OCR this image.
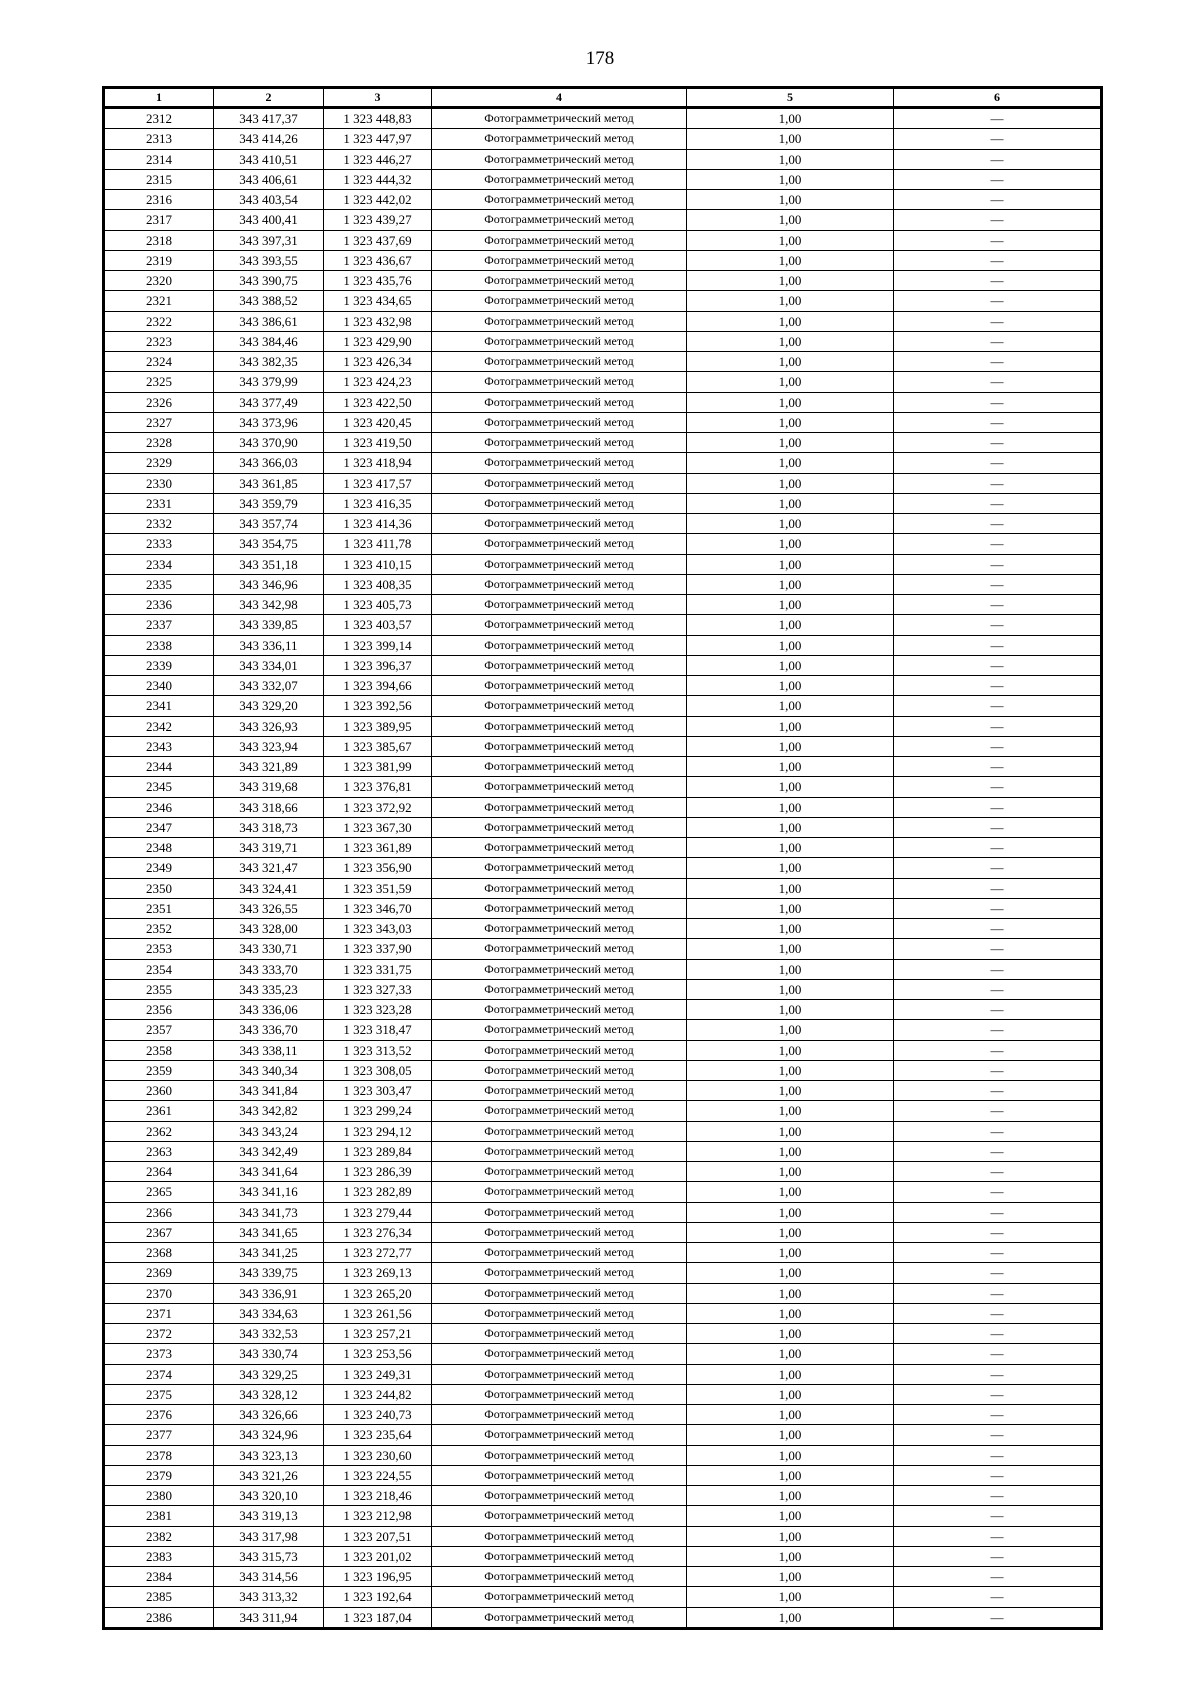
178
1	2	3	4	5	6
2312	343 417,37	1 323 448,83	Фотограмметрический метод	1,00	—
2313	343 414,26	1 323 447,97	Фотограмметрический метод	1,00	—
2314	343 410,51	1 323 446,27	Фотограмметрический метод	1,00	—
2315	343 406,61	1 323 444,32	Фотограмметрический метод	1,00	—
2316	343 403,54	1 323 442,02	Фотограмметрический метод	1,00	—
2317	343 400,41	1 323 439,27	Фотограмметрический метод	1,00	—
2318	343 397,31	1 323 437,69	Фотограмметрический метод	1,00	—
2319	343 393,55	1 323 436,67	Фотограмметрический метод	1,00	—
2320	343 390,75	1 323 435,76	Фотограмметрический метод	1,00	—
2321	343 388,52	1 323 434,65	Фотограмметрический метод	1,00	—
2322	343 386,61	1 323 432,98	Фотограмметрический метод	1,00	—
2323	343 384,46	1 323 429,90	Фотограмметрический метод	1,00	—
2324	343 382,35	1 323 426,34	Фотограмметрический метод	1,00	—
2325	343 379,99	1 323 424,23	Фотограмметрический метод	1,00	—
2326	343 377,49	1 323 422,50	Фотограмметрический метод	1,00	—
2327	343 373,96	1 323 420,45	Фотограмметрический метод	1,00	—
2328	343 370,90	1 323 419,50	Фотограмметрический метод	1,00	—
2329	343 366,03	1 323 418,94	Фотограмметрический метод	1,00	—
2330	343 361,85	1 323 417,57	Фотограмметрический метод	1,00	—
2331	343 359,79	1 323 416,35	Фотограмметрический метод	1,00	—
2332	343 357,74	1 323 414,36	Фотограмметрический метод	1,00	—
2333	343 354,75	1 323 411,78	Фотограмметрический метод	1,00	—
2334	343 351,18	1 323 410,15	Фотограмметрический метод	1,00	—
2335	343 346,96	1 323 408,35	Фотограмметрический метод	1,00	—
2336	343 342,98	1 323 405,73	Фотограмметрический метод	1,00	—
2337	343 339,85	1 323 403,57	Фотограмметрический метод	1,00	—
2338	343 336,11	1 323 399,14	Фотограмметрический метод	1,00	—
2339	343 334,01	1 323 396,37	Фотограмметрический метод	1,00	—
2340	343 332,07	1 323 394,66	Фотограмметрический метод	1,00	—
2341	343 329,20	1 323 392,56	Фотограмметрический метод	1,00	—
2342	343 326,93	1 323 389,95	Фотограмметрический метод	1,00	—
2343	343 323,94	1 323 385,67	Фотограмметрический метод	1,00	—
2344	343 321,89	1 323 381,99	Фотограмметрический метод	1,00	—
2345	343 319,68	1 323 376,81	Фотограмметрический метод	1,00	—
2346	343 318,66	1 323 372,92	Фотограмметрический метод	1,00	—
2347	343 318,73	1 323 367,30	Фотограмметрический метод	1,00	—
2348	343 319,71	1 323 361,89	Фотограмметрический метод	1,00	—
2349	343 321,47	1 323 356,90	Фотограмметрический метод	1,00	—
2350	343 324,41	1 323 351,59	Фотограмметрический метод	1,00	—
2351	343 326,55	1 323 346,70	Фотограмметрический метод	1,00	—
2352	343 328,00	1 323 343,03	Фотограмметрический метод	1,00	—
2353	343 330,71	1 323 337,90	Фотограмметрический метод	1,00	—
2354	343 333,70	1 323 331,75	Фотограмметрический метод	1,00	—
2355	343 335,23	1 323 327,33	Фотограмметрический метод	1,00	—
2356	343 336,06	1 323 323,28	Фотограмметрический метод	1,00	—
2357	343 336,70	1 323 318,47	Фотограмметрический метод	1,00	—
2358	343 338,11	1 323 313,52	Фотограмметрический метод	1,00	—
2359	343 340,34	1 323 308,05	Фотограмметрический метод	1,00	—
2360	343 341,84	1 323 303,47	Фотограмметрический метод	1,00	—
2361	343 342,82	1 323 299,24	Фотограмметрический метод	1,00	—
2362	343 343,24	1 323 294,12	Фотограмметрический метод	1,00	—
2363	343 342,49	1 323 289,84	Фотограмметрический метод	1,00	—
2364	343 341,64	1 323 286,39	Фотограмметрический метод	1,00	—
2365	343 341,16	1 323 282,89	Фотограмметрический метод	1,00	—
2366	343 341,73	1 323 279,44	Фотограмметрический метод	1,00	—
2367	343 341,65	1 323 276,34	Фотограмметрический метод	1,00	—
2368	343 341,25	1 323 272,77	Фотограмметрический метод	1,00	—
2369	343 339,75	1 323 269,13	Фотограмметрический метод	1,00	—
2370	343 336,91	1 323 265,20	Фотограмметрический метод	1,00	—
2371	343 334,63	1 323 261,56	Фотограмметрический метод	1,00	—
2372	343 332,53	1 323 257,21	Фотограмметрический метод	1,00	—
2373	343 330,74	1 323 253,56	Фотограмметрический метод	1,00	—
2374	343 329,25	1 323 249,31	Фотограмметрический метод	1,00	—
2375	343 328,12	1 323 244,82	Фотограмметрический метод	1,00	—
2376	343 326,66	1 323 240,73	Фотограмметрический метод	1,00	—
2377	343 324,96	1 323 235,64	Фотограмметрический метод	1,00	—
2378	343 323,13	1 323 230,60	Фотограмметрический метод	1,00	—
2379	343 321,26	1 323 224,55	Фотограмметрический метод	1,00	—
2380	343 320,10	1 323 218,46	Фотограмметрический метод	1,00	—
2381	343 319,13	1 323 212,98	Фотограмметрический метод	1,00	—
2382	343 317,98	1 323 207,51	Фотограмметрический метод	1,00	—
2383	343 315,73	1 323 201,02	Фотограмметрический метод	1,00	—
2384	343 314,56	1 323 196,95	Фотограмметрический метод	1,00	—
2385	343 313,32	1 323 192,64	Фотограмметрический метод	1,00	—
2386	343 311,94	1 323 187,04	Фотограмметрический метод	1,00	—
